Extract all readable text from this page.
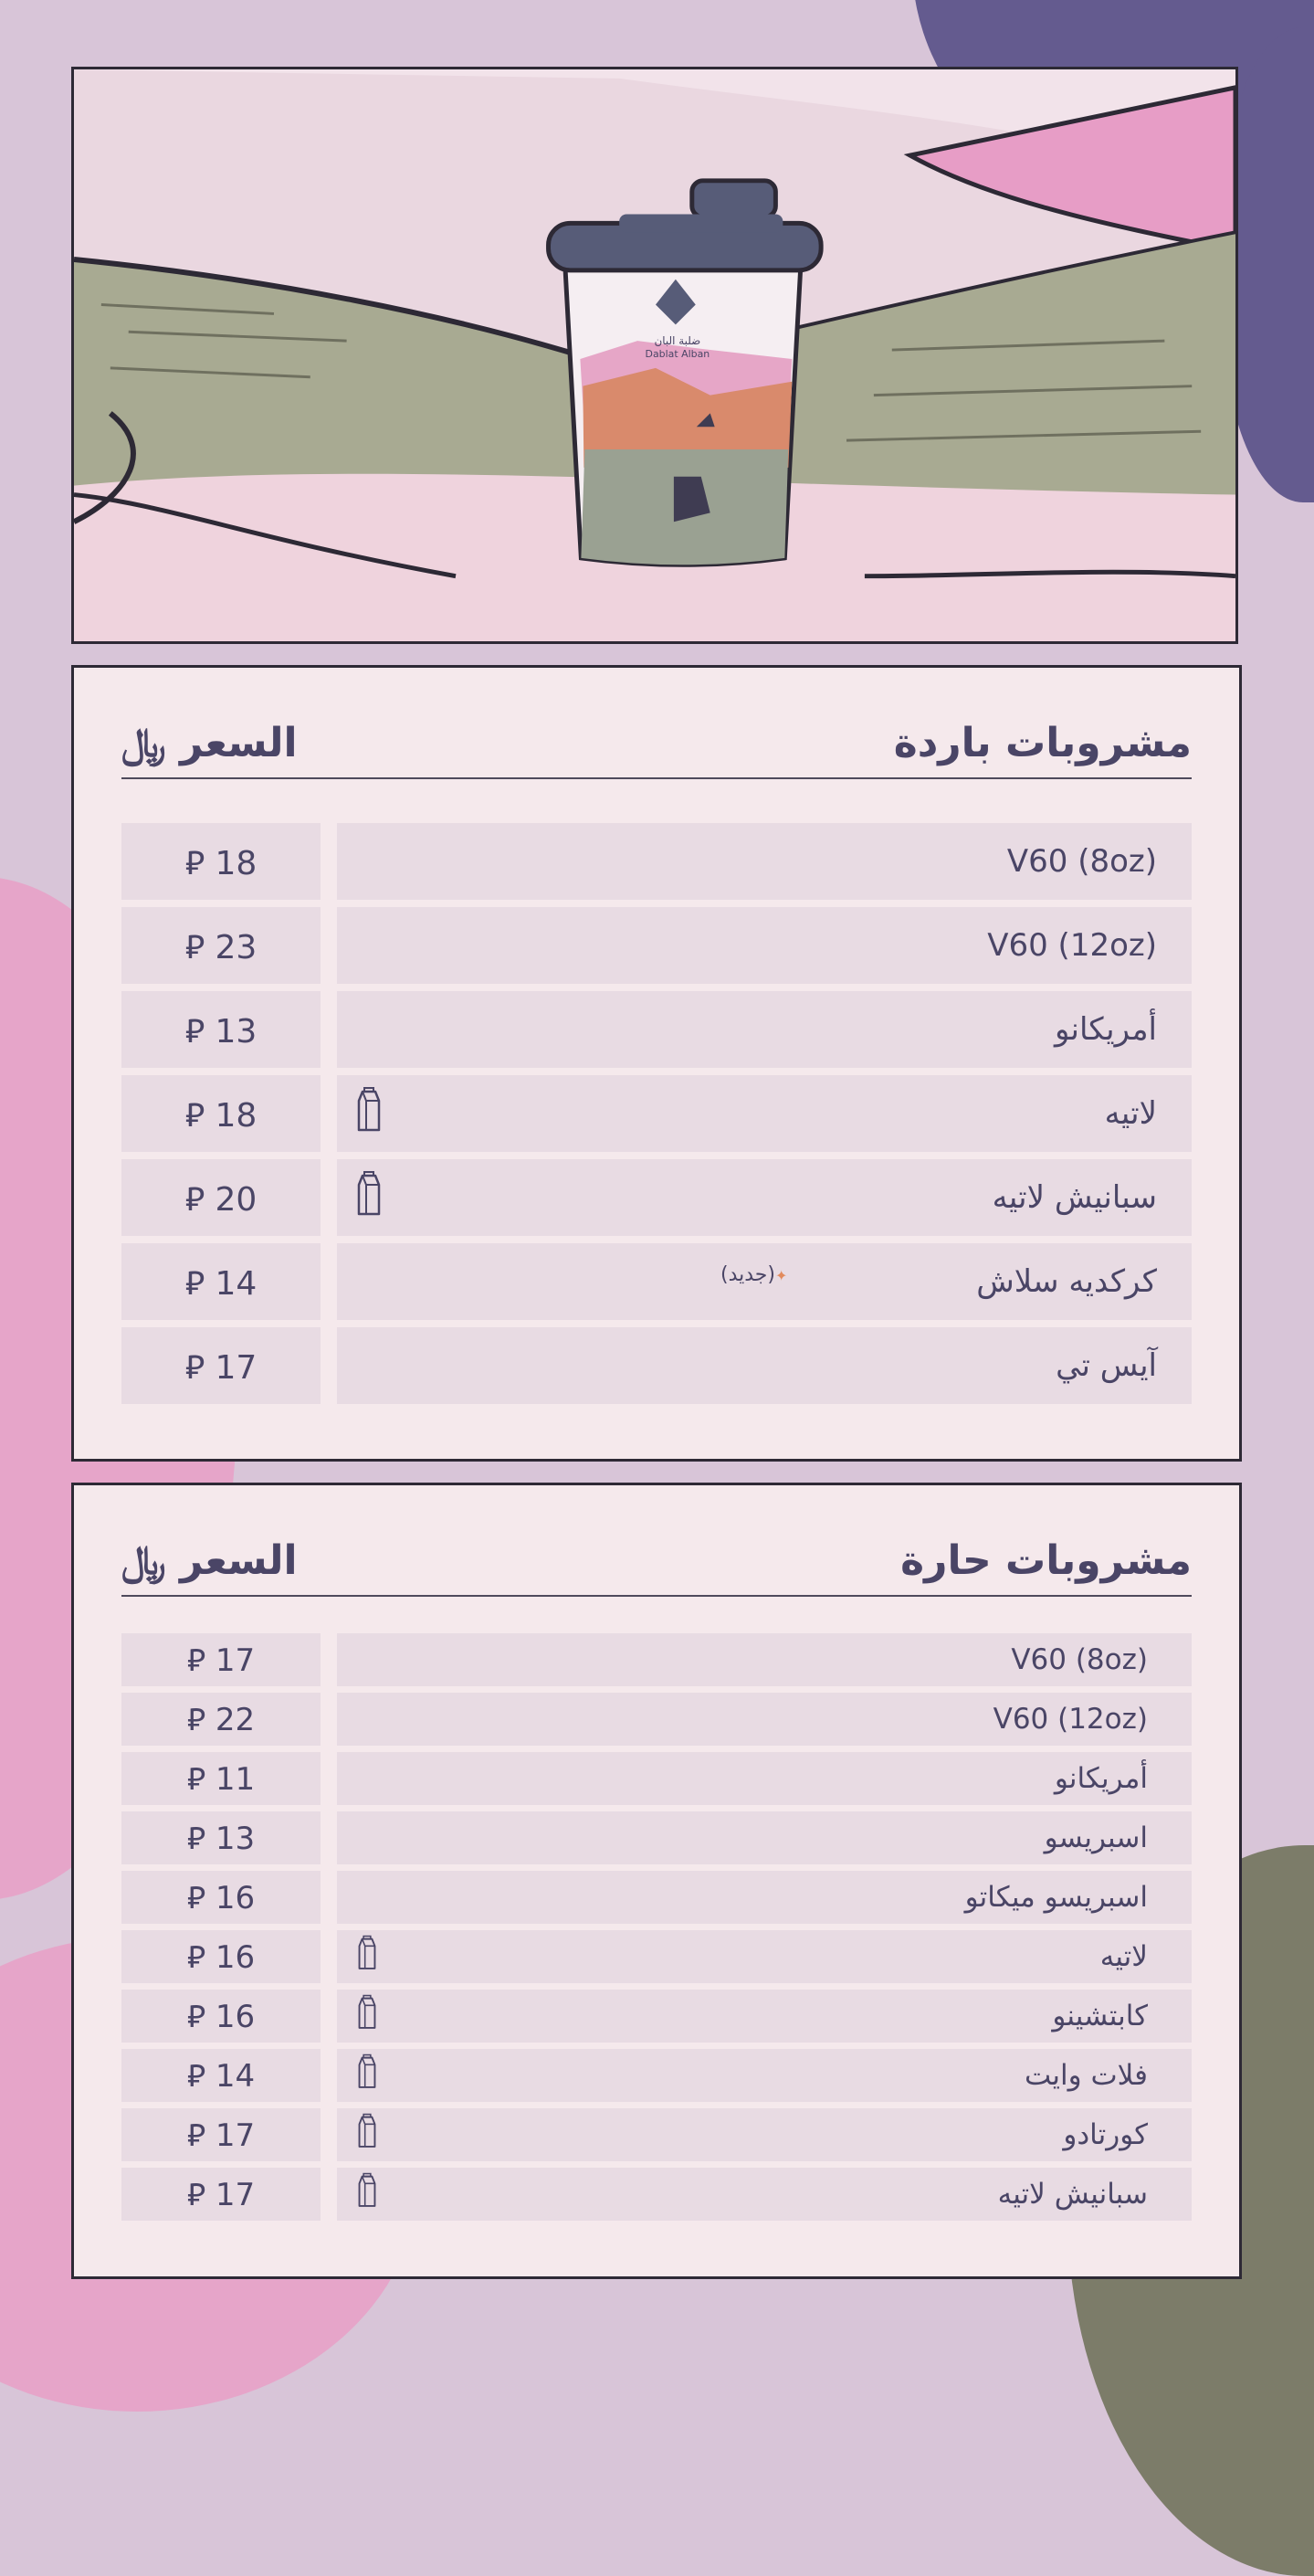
ضلبة البان
Dablat Alban
السعر ﷼	مشروبات باردة
18 ⃁	V60 (8oz)
23 ⃁	V60 (12oz)
13 ⃁	أمريكانو
18 ⃁	لاتيه
20 ⃁	سبانيش لاتيه
14 ⃁	كركديه سلاش
✦(جديد)
17 ⃁	آيس تي
السعر ﷼	مشروبات حارة
17 ⃁	V60 (8oz)
22 ⃁	V60 (12oz)
11 ⃁	أمريكانو
13 ⃁	اسبريسو
16 ⃁	اسبريسو ميكاتو
16 ⃁	لاتيه
16 ⃁	كابتشينو
14 ⃁	فلات وايت
17 ⃁	كورتادو
17 ⃁	سبانيش لاتيه
